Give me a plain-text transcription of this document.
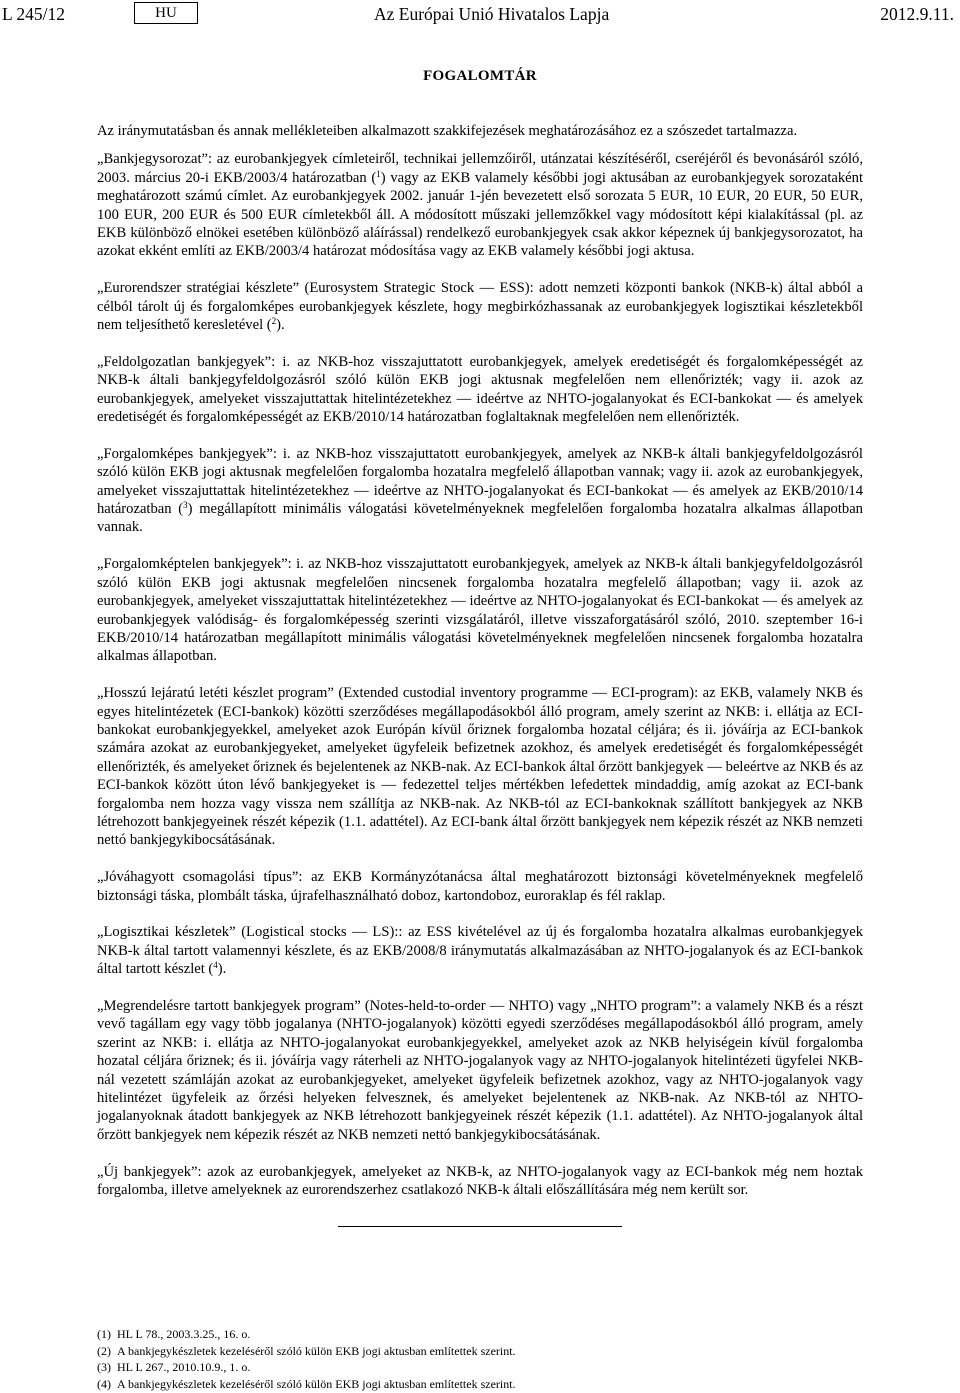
L 245/12	HU	Az Európai Unió Hivatalos Lapja	2012.9.11.
FOGALOMTÁR

Az iránymutatásban és annak mellékleteiben alkalmazott szakkifejezések meghatározásához ez a szószedet tartalmazza.

„Bankjegysorozat”: az eurobankjegyek címleteiről, technikai jellemzőiről, utánzatai készítéséről, cseréjéről és bevonásáról szóló, 2003. március 20-i EKB/2003/4 határozatban ($^1$) vagy az EKB valamely későbbi jogi aktusában az eurobankjegyek sorozataként meghatározott számú címlet. Az eurobankjegyek 2002. január 1-jén bevezetett első sorozata 5 EUR, 10 EUR, 20 EUR, 50 EUR, 100 EUR, 200 EUR és 500 EUR címletekből áll. A módosított műszaki jellemzőkkel vagy módosított képi kialakítással (pl. az EKB különböző elnökei esetében különböző aláírással) rendelkező eurobankjegyek csak akkor képeznek új bankjegysorozatot, ha azokat ekként említi az EKB/2003/4 határozat módosítása vagy az EKB valamely későbbi jogi aktusa.

„Eurorendszer stratégiai készlete” (Eurosystem Strategic Stock — ESS): adott nemzeti központi bankok (NKB-k) által abból a célból tárolt új és forgalomképes eurobankjegyek készlete, hogy megbirkózhassanak az eurobankjegyek logisztikai készletekből nem teljesíthető keresletével ($^2$).

„Feldolgozatlan bankjegyek”: i. az NKB-hoz visszajuttatott eurobankjegyek, amelyek eredetiségét és forgalomképességét az NKB-k általi bankjegyfeldolgozásról szóló külön EKB jogi aktusnak megfelelően nem ellenőrizték; vagy ii. azok az eurobankjegyek, amelyeket visszajuttattak hitelintézetekhez — ideértve az NHTO-jogalanyokat és ECI-bankokat — és amelyek eredetiségét és forgalomképességét az EKB/2010/14 határozatban foglaltaknak megfelelően nem ellenőrizték.

„Forgalomképes bankjegyek”: i. az NKB-hoz visszajuttatott eurobankjegyek, amelyek az NKB-k általi bankjegyfeldolgozásról szóló külön EKB jogi aktusnak megfelelően forgalomba hozatalra megfelelő állapotban vannak; vagy ii. azok az eurobankjegyek, amelyeket visszajuttattak hitelintézetekhez — ideértve az NHTO-jogalanyokat és ECI-bankokat — és amelyek az EKB/2010/14 határozatban ($^3$) megállapított minimális válogatási követelményeknek megfelelően forgalomba hozatalra alkalmas állapotban vannak.

„Forgalomképtelen bankjegyek”: i. az NKB-hoz visszajuttatott eurobankjegyek, amelyek az NKB-k általi bankjegyfeldolgozásról szóló külön EKB jogi aktusnak megfelelően nincsenek forgalomba hozatalra megfelelő állapotban; vagy ii. azok az eurobankjegyek, amelyeket visszajuttattak hitelintézetekhez — ideértve az NHTO-jogalanyokat és ECI-bankokat — és amelyek az eurobankjegyek valódiság- és forgalomképesség szerinti vizsgálatáról, illetve visszaforgatásáról szóló, 2010. szeptember 16-i EKB/2010/14 határozatban megállapított minimális válogatási követelményeknek megfelelően nincsenek forgalomba hozatalra alkalmas állapotban.

„Hosszú lejáratú letéti készlet program” (Extended custodial inventory programme — ECI-program): az EKB, valamely NKB és egyes hitelintézetek (ECI-bankok) közötti szerződéses megállapodásokból álló program, amely szerint az NKB: i. ellátja az ECI-bankokat eurobankjegyekkel, amelyeket azok Európán kívül őriznek forgalomba hozatal céljára; és ii. jóváírja az ECI-bankok számára azokat az eurobankjegyeket, amelyeket ügyfeleik befizetnek azokhoz, és amelyek eredetiségét és forgalomképességét ellenőrizték, és amelyeket őriznek és bejelentenek az NKB-nak. Az ECI-bankok által őrzött bankjegyek — beleértve az NKB és az ECI-bankok között úton lévő bankjegyeket is — fedezettel teljes mértékben lefedettek mindaddig, amíg azokat az ECI-bank forgalomba nem hozza vagy vissza nem szállítja az NKB-nak. Az NKB-tól az ECI-bankoknak szállított bankjegyek az NKB létrehozott bankjegyeinek részét képezik (1.1. adattétel). Az ECI-bank által őrzött bankjegyek nem képezik részét az NKB nemzeti nettó bankjegykibocsátásának.

„Jóváhagyott csomagolási típus”: az EKB Kormányzótanácsa által meghatározott biztonsági követelményeknek megfelelő biztonsági táska, plombált táska, újrafelhasználható doboz, kartondoboz, euroraklap és fél raklap.

„Logisztikai készletek” (Logistical stocks — LS):: az ESS kivételével az új és forgalomba hozatalra alkalmas eurobankjegyek NKB-k által tartott valamennyi készlete, és az EKB/2008/8 iránymutatás alkalmazásában az NHTO-jogalanyok és az ECI-bankok által tartott készlet ($^4$).

„Megrendelésre tartott bankjegyek program” (Notes-held-to-order — NHTO) vagy „NHTO program”: a valamely NKB és a részt vevő tagállam egy vagy több jogalanya (NHTO-jogalanyok) közötti egyedi szerződéses megállapodásokból álló program, amely szerint az NKB: i. ellátja az NHTO-jogalanyokat eurobankjegyekkel, amelyeket azok az NKB helyiségein kívül forgalomba hozatal céljára őriznek; és ii. jóváírja vagy ráterheli az NHTO-jogalanyok vagy az NHTO-jogalanyok hitelintézeti ügyfelei NKB-nál vezetett számláján azokat az eurobankjegyeket, amelyeket ügyfeleik befizetnek azokhoz, vagy az NHTO-jogalanyok vagy hitelintézet ügyfeleik az őrzési helyeken felvesznek, és amelyeket bejelentenek az NKB-nak. Az NKB-tól az NHTO-jogalanyoknak átadott bankjegyek az NKB létrehozott bankjegyeinek részét képezik (1.1. adattétel). Az NHTO-jogalanyok által őrzött bankjegyek nem képezik részét az NKB nemzeti nettó bankjegykibocsátásának.

„Új bankjegyek”: azok az eurobankjegyek, amelyeket az NKB-k, az NHTO-jogalanyok vagy az ECI-bankok még nem hoztak forgalomba, illetve amelyeknek az eurorendszerhez csatlakozó NKB-k általi előszállítására még nem került sor.

(1) HL L 78., 2003.3.25., 16. o.
(2) A bankjegykészletek kezeléséről szóló külön EKB jogi aktusban említettek szerint.
(3) HL L 267., 2010.10.9., 1. o.
(4) A bankjegykészletek kezeléséről szóló külön EKB jogi aktusban említettek szerint.
